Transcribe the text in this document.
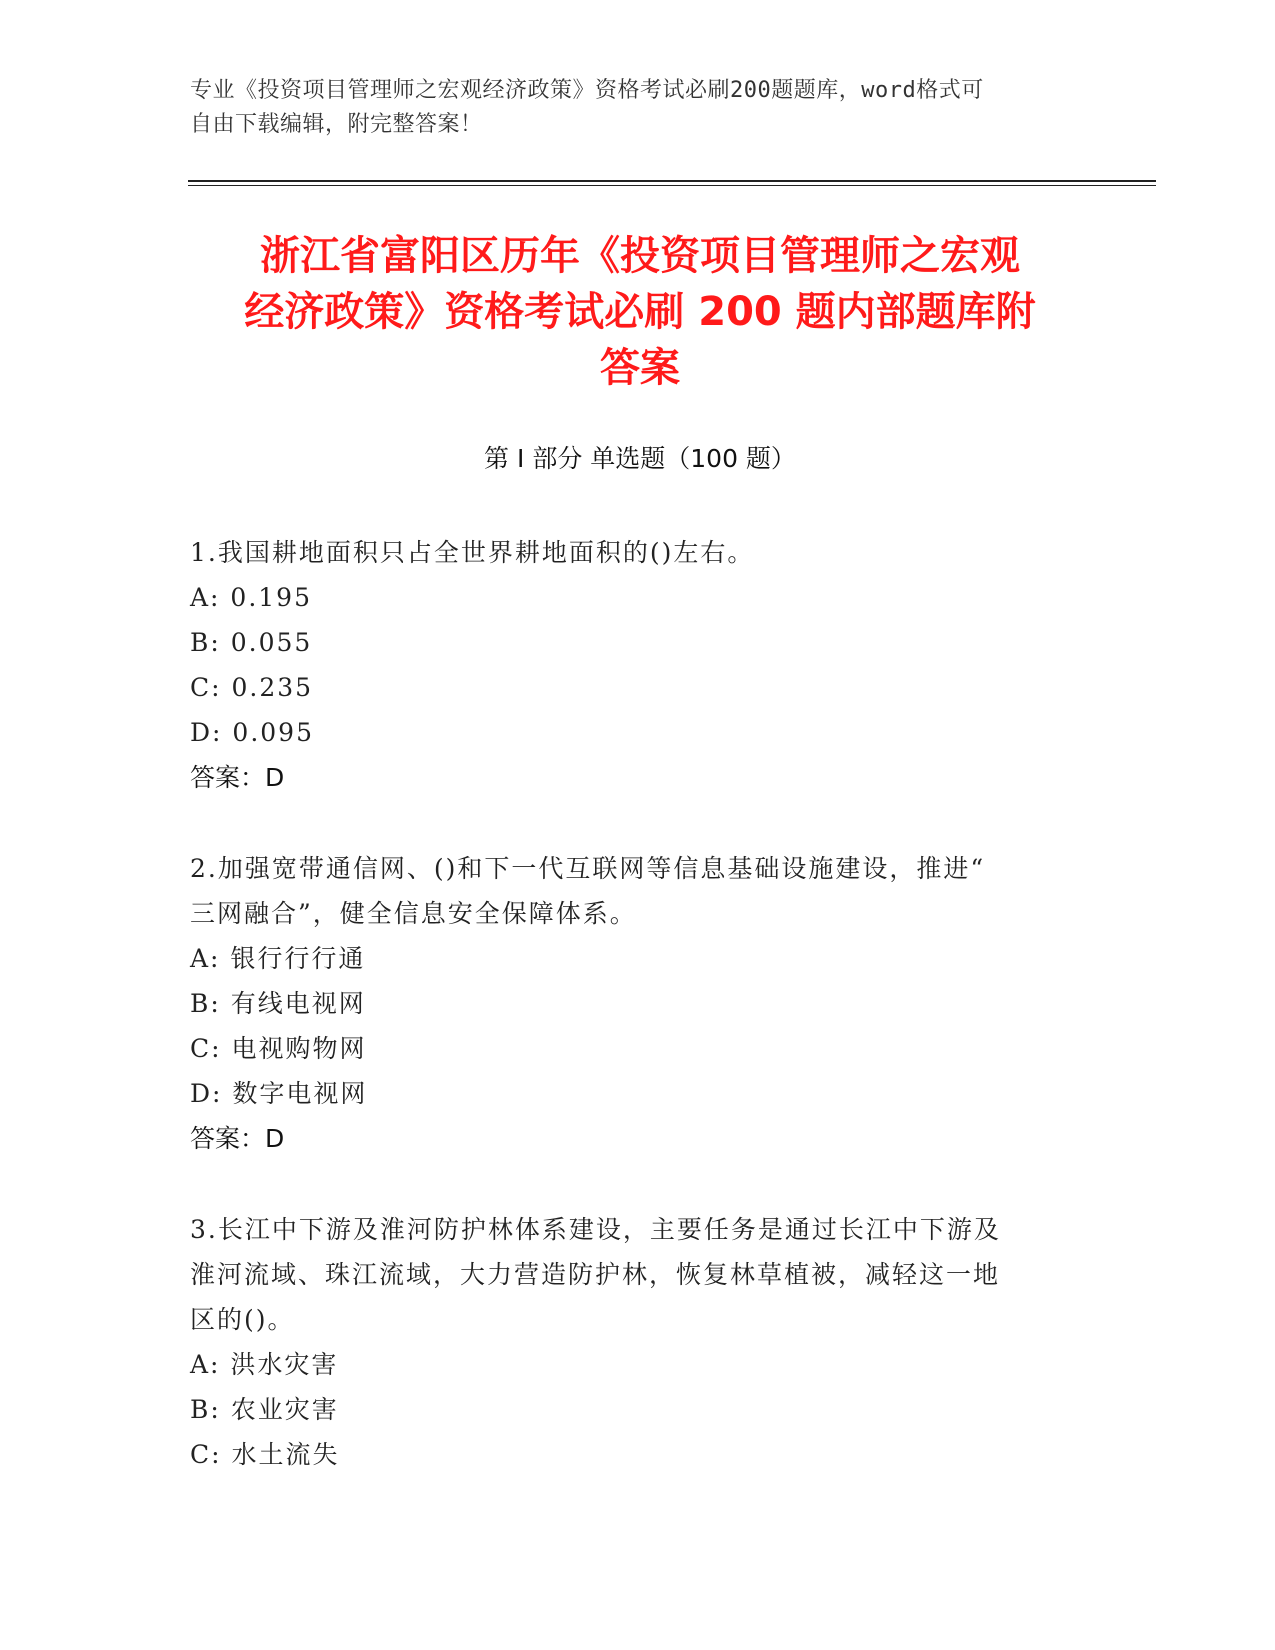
专业《投资项目管理师之宏观经济政策》资格考试必刷200题题库，word格式可
自由下载编辑，附完整答案！
浙江省富阳区历年《投资项目管理师之宏观
经济政策》资格考试必刷 200 题内部题库附
答案
第 I 部分 单选题（100 题）
1.我国耕地面积只占全世界耕地面积的()左右。
A: 0.195
B: 0.055
C: 0.235
D: 0.095
答案：D
2.加强宽带通信网、()和下一代互联网等信息基础设施建设，推进“
三网融合”，健全信息安全保障体系。
A: 银行行行通
B: 有线电视网
C: 电视购物网
D: 数字电视网
答案：D
3.长江中下游及淮河防护林体系建设，主要任务是通过长江中下游及
淮河流域、珠江流域，大力营造防护林，恢复林草植被，减轻这一地
区的()。
A: 洪水灾害
B: 农业灾害
C: 水土流失
